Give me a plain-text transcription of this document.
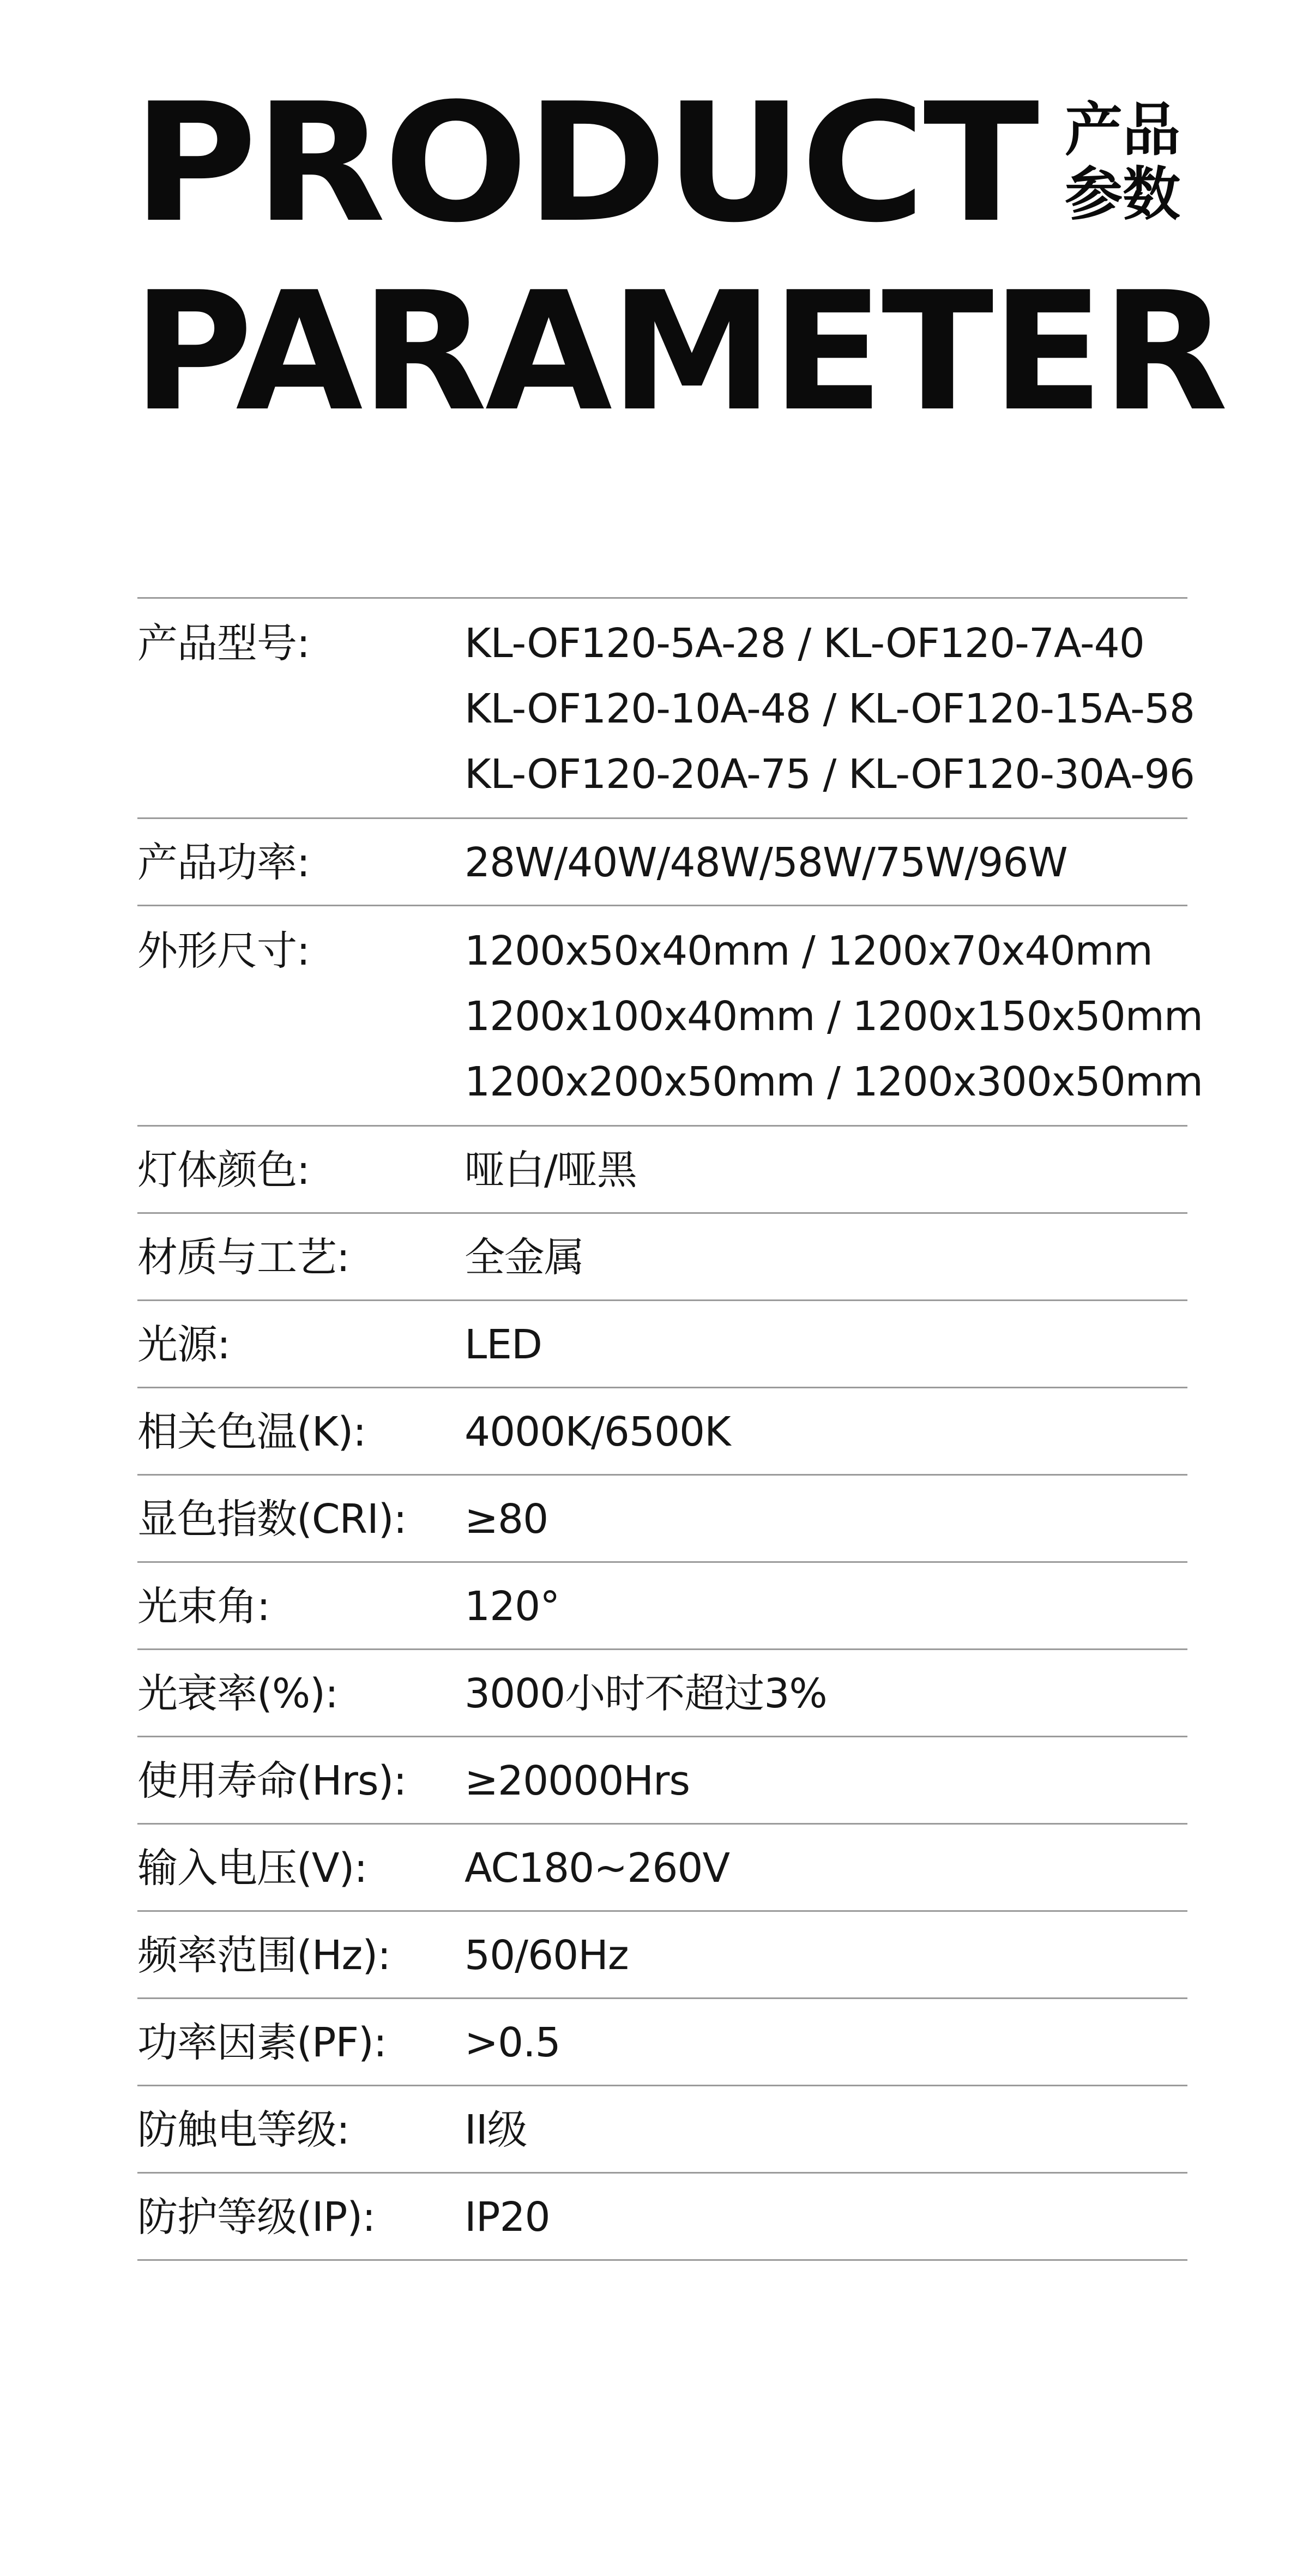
PRODUCT
PARAMETER
产品
参数
产品型号:	KL-OF120-5A-28 / KL-OF120-7A-40
KL-OF120-10A-48 / KL-OF120-15A-58
KL-OF120-20A-75 / KL-OF120-30A-96
产品功率:	28W/40W/48W/58W/75W/96W
外形尺寸:	1200x50x40mm / 1200x70x40mm
1200x100x40mm / 1200x150x50mm
1200x200x50mm / 1200x300x50mm
灯体颜色:	哑白/哑黑
材质与工艺:	全金属
光源:	LED
相关色温(K):	4000K/6500K
显色指数(CRI):	≥80
光束角:	120°
光衰率(%):	3000小时不超过3%
使用寿命(Hrs):	≥20000Hrs
输入电压(V):	AC180~260V
频率范围(Hz):	50/60Hz
功率因素(PF):	>0.5
防触电等级:	II级
防护等级(IP):	IP20
